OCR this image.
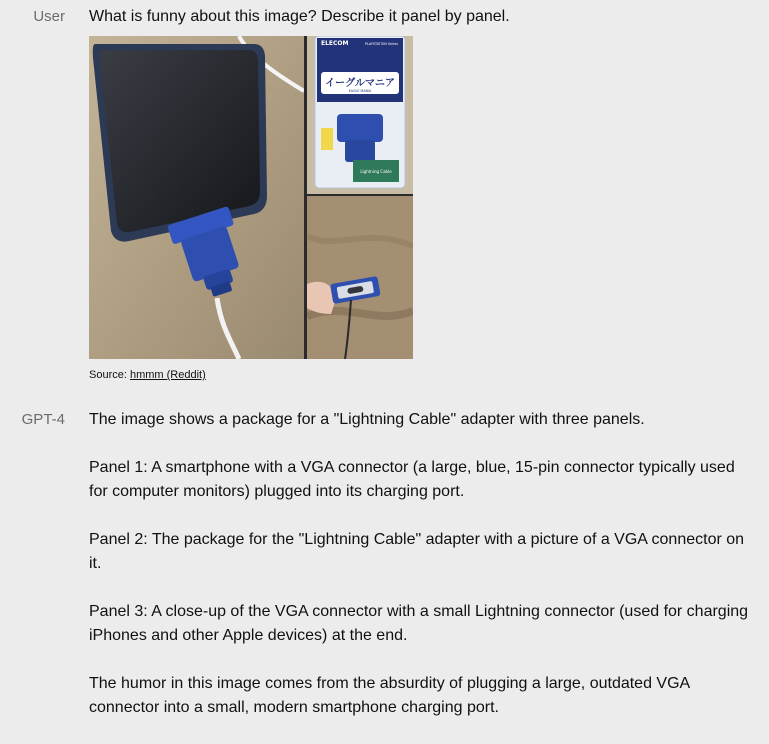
User What is funny about this image? Describe it panel by panel.

ELECOM	PLAYSTATION Series
イーグルマニア
EAGLE MANIA
Lightning Cable
Source: hmmm (Reddit)
GPT-4 The image shows a package for a "Lightning Cable" adapter with three panels.

Panel 1: A smartphone with a VGA connector (a large, blue, 15-pin connector typically used for computer monitors) plugged into its charging port.

Panel 2: The package for the "Lightning Cable" adapter with a picture of a VGA connector on it.

Panel 3: A close-up of the VGA connector with a small Lightning connector (used for charging iPhones and other Apple devices) at the end.

The humor in this image comes from the absurdity of plugging a large, outdated VGA connector into a small, modern smartphone charging port.
